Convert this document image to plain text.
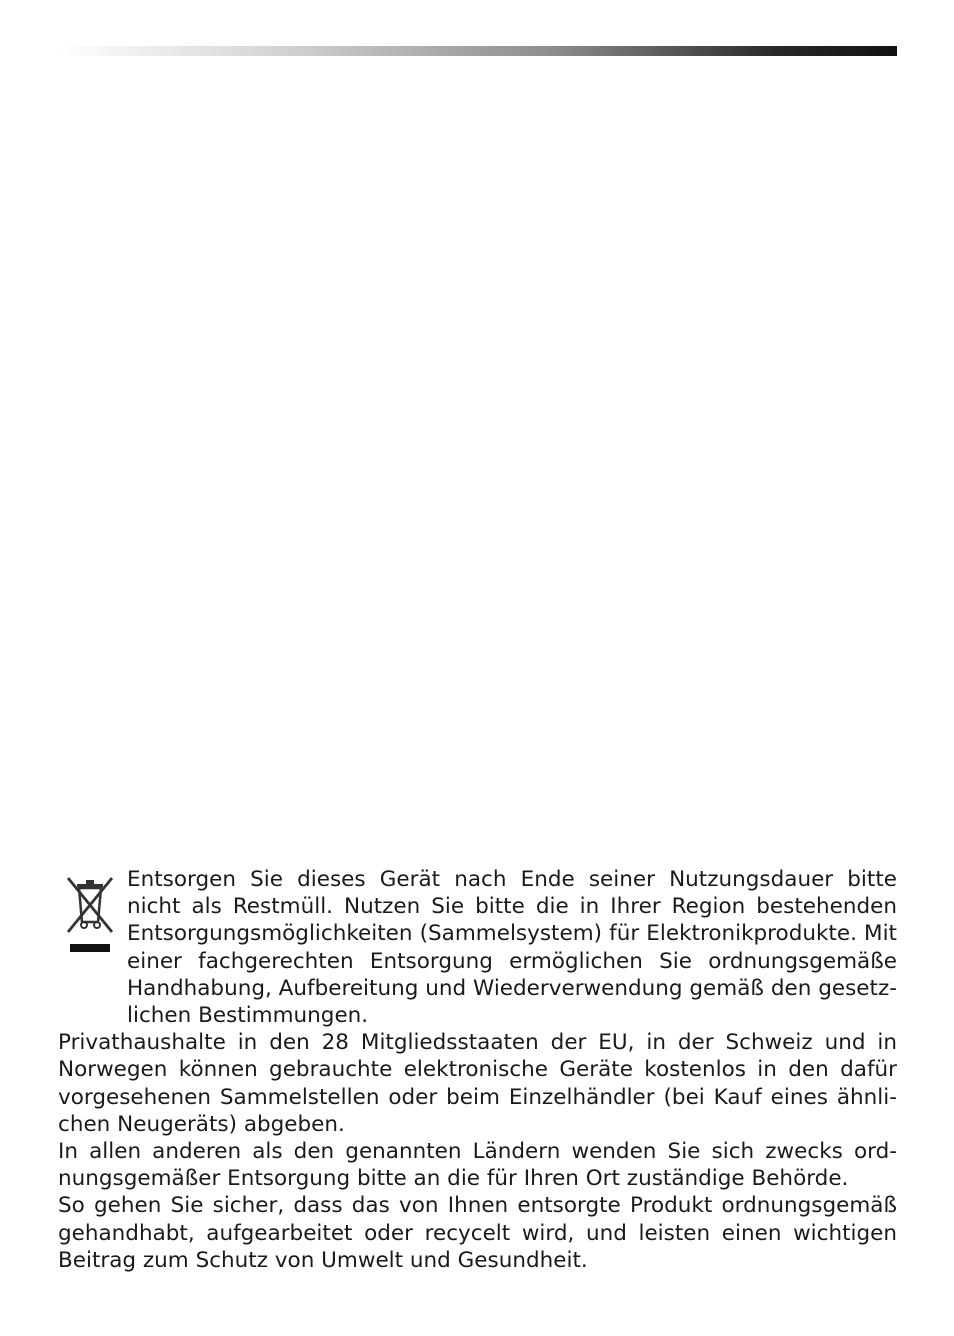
Entsorgen Sie dieses Gerät nach Ende seiner Nutzungsdauer bitte nicht als Restmüll. Nutzen Sie bitte die in Ihrer Region bestehenden Entsorgungsmöglichkeiten (Sammelsystem) für Elektronikprodukte. Mit einer fachgerechten Entsorgung ermöglichen Sie ordnungsgemäße Handhabung, Aufbereitung und Wiederverwendung gemäß den gesetzlichen Bestimmungen.

Privathaushalte in den 28 Mitgliedsstaaten der EU, in der Schweiz und in Norwegen können gebrauchte elektronische Geräte kostenlos in den dafür vorgesehenen Sammelstellen oder beim Einzelhändler (bei Kauf eines ähnlichen Neugeräts) abgeben.

In allen anderen als den genannten Ländern wenden Sie sich zwecks ordnungsgemäßer Entsorgung bitte an die für Ihren Ort zuständige Behörde.

So gehen Sie sicher, dass das von Ihnen entsorgte Produkt ordnungsgemäß gehandhabt, aufgearbeitet oder recycelt wird, und leisten einen wichtigen Beitrag zum Schutz von Umwelt und Gesundheit.
